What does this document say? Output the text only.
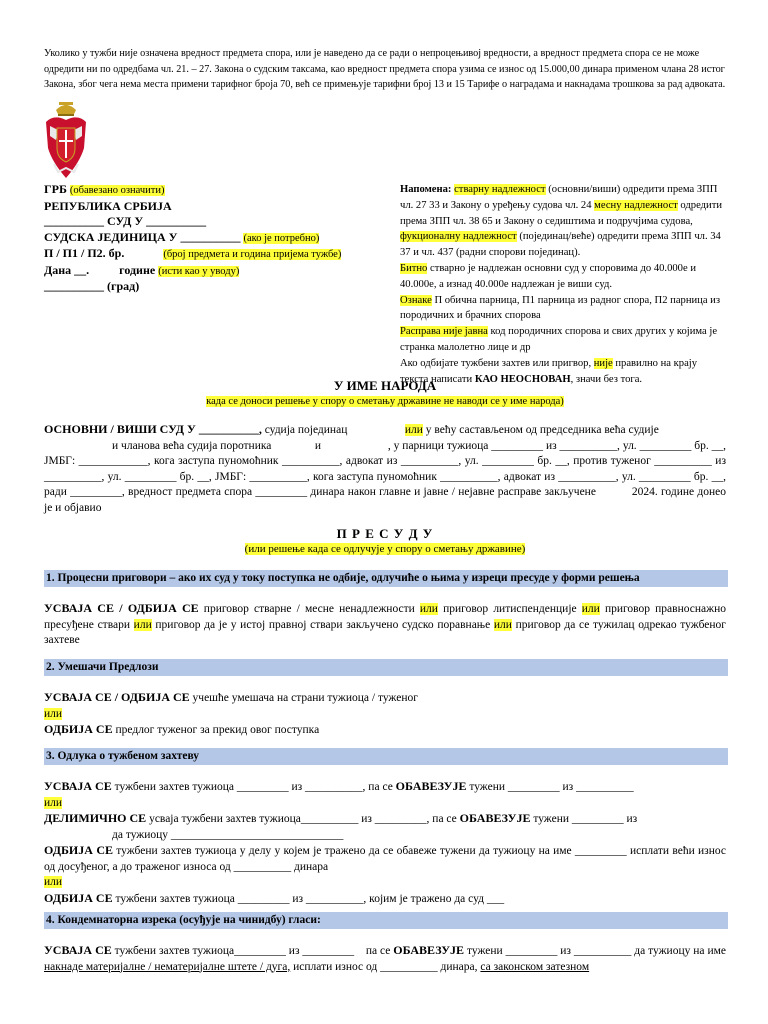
Уколико у тужби није означена вредност предмета спора, или је наведено да се ради о непроцењивој вредности, а вредност предмета спора се не може одредити ни по одредбама чл. 21. – 27. Закона о судским таксама, као вредност предмета спора узима се износ од 15.000,00 динара применом члана 28 истог Закона, због чега нема места примени тарифног броја 70, већ се примењује тарифни број 13 и 15 Тарифе о наградама и накнадама трошкова за рад адвоката.
ГРБ (обавезано означити)
РЕПУБЛИКА СРБИЈА
__________ СУД У __________
СУДСКА ЈЕДИНИЦА У __________ (ако је потребно)
П / П1 / П2. бр.	(број предмета и година пријема тужбе)
Дана __.          године (исти као у уводу)
__________ (град)
Напомена: стварну надлежност (основни/виши) одредити према ЗПП чл. 27 33 и Закону о уређењу судова чл. 24 месну надлежност одредити према ЗПП чл. 38 65 и Закону о седиштима и подручјима судова, фукционалну надлежност (појединац/веће) одредити према ЗПП чл. 34 37 и чл. 437 (радни спорови појединац).
Битно стварно је надлежан основни суд у споровима до 40.000е и 40.000е, а изнад 40.000е надлежан је виши суд.
Ознаке П обична парница, П1 парница из радног спора, П2 парница из породичних и брачних спорова
Расправа није јавна код породичних спорова и свих других у којима је странка малолетно лице и др
Ако одбијате тужбени захтев или пригвор, није правилно на крају текста написати КАО НЕОСНОВАН, значи без тога.
У ИМЕ НАРОДА
када се доноси решење у спору о сметању државине не наводи се у име народа)
ОСНОВНИ / ВИШИ СУД У __________, судија појединац                    или у већу састављеном од председника већа судије
и чланова већа судија поротника               и                       , у парници тужиоца _________ из __________, ул. _________ бр. __, ЈМБГ: ____________, кога заступа пуномоћник __________, адвокат из __________, ул. _________ бр. __, против туженог __________ из __________, ул. _________ бр. __, ЈМБГ: __________, кога заступа пуномоћник __________, адвокат из __________, ул. _________ бр. __, ради _________, вредност предмета спора _________ динара након главне и јавне / нејавне расправе закључене           2024. године донео је и објавио
П Р Е С У Д У
(или решење када се одлучује у спору о сметању државине)
1. Процесни приговори – ако их суд у току поступка не одбије, одлучиће о њима у изреци пресуде у форми решења
УСВАЈА СЕ / ОДБИЈА СЕ приговор стварне / месне ненадлежности или приговор литиспенденције или приговор правноснажно пресуђене ствари или приговор да је у истој правној ствари закључено судско поравнање или приговор да се тужилац одрекао тужбеног захтеве
2. Умешачи Предлози
УСВАЈА СЕ / ОДБИЈА СЕ учешће умешача на страни тужиоца / туженог
или
ОДБИЈА СЕ предлог туженог за прекид овог поступка
3. Одлука о тужбеном захтеву
УСВАЈА СЕ тужбени захтев тужиоца _________ из __________, па се ОБАВЕЗУЈЕ тужени _________ из __________
или
ДЕЛИМИЧНО СЕ усваја тужбени захтев тужиоца__________ из _________, па се ОБАВЕЗУЈЕ тужени _________ из
да тужиоцу ______________________________
ОДБИЈА СЕ тужбени захтев тужиоца у делу у којем је тражено да се обавеже тужени да тужиоцу на име _________ исплати већи износ од досуђеног, а до траженог износа од __________ динара
или
ОДБИЈА СЕ тужбени захтев тужиоца _________ из __________, којим је тражено да суд ___
4. Кондемнаторна изрека (осуђује на чинидбу) гласи:
УСВАЈА СЕ тужбени захтев тужиоца_________ из _________    па се ОБАВЕЗУЈЕ тужени _________ из __________ да тужиоцу на име накнаде материјалне / нематеријалне штете / дуга, исплати износ од __________ динара, са законском затезном
